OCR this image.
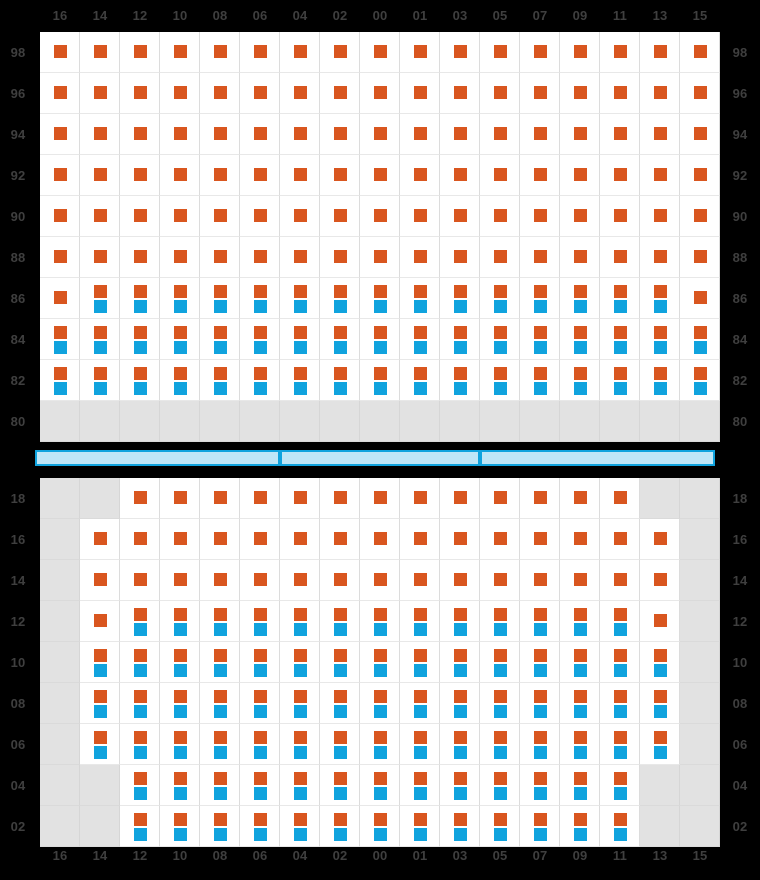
16	14	12	10	08	06	04	02	00	01	03	05	07	09	11	13	15
16	14	12	10	08	06	04	02	00	01	03	05	07	09	11	13	15
98	98
96	96
94	94
92	92
90	90
88	88
86	86
84	84
82	82
80	80
18	18
16	16
14	14
12	12
10	10
08	08
06	06
04	04
02	02
